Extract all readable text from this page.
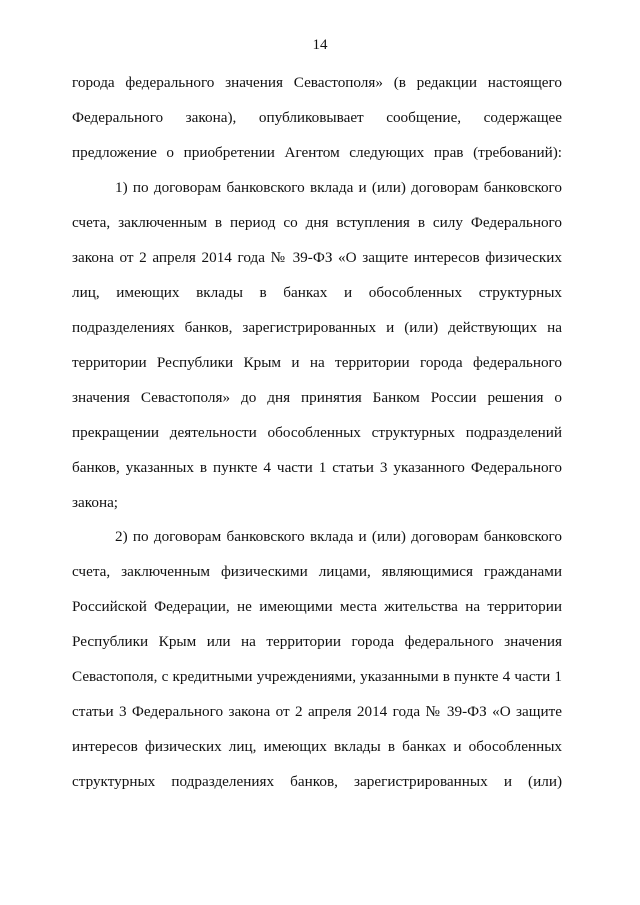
14
города федерального значения Севастополя» (в редакции настоящего
Федерального закона), опубликовывает сообщение, содержащее
предложение о приобретении Агентом следующих прав (требований):
1) по договорам банковского вклада и (или) договорам банковского
счета, заключенным в период со дня вступления в силу Федерального
закона от 2 апреля 2014 года № 39-ФЗ «О защите интересов физических
лиц, имеющих вклады в банках и обособленных структурных
подразделениях банков, зарегистрированных и (или) действующих на
территории Республики Крым и на территории города федерального
значения Севастополя» до дня принятия Банком России решения о
прекращении деятельности обособленных структурных подразделений
банков, указанных в пункте 4 части 1 статьи 3 указанного Федерального
закона;
2) по договорам банковского вклада и (или) договорам банковского
счета, заключенным физическими лицами, являющимися гражданами
Российской Федерации, не имеющими места жительства на территории
Республики Крым или на территории города федерального значения
Севастополя, с кредитными учреждениями, указанными в пункте 4 части 1
статьи 3 Федерального закона от 2 апреля 2014 года № 39-ФЗ «О защите
интересов физических лиц, имеющих вклады в банках и обособленных
структурных подразделениях банков, зарегистрированных и (или)
